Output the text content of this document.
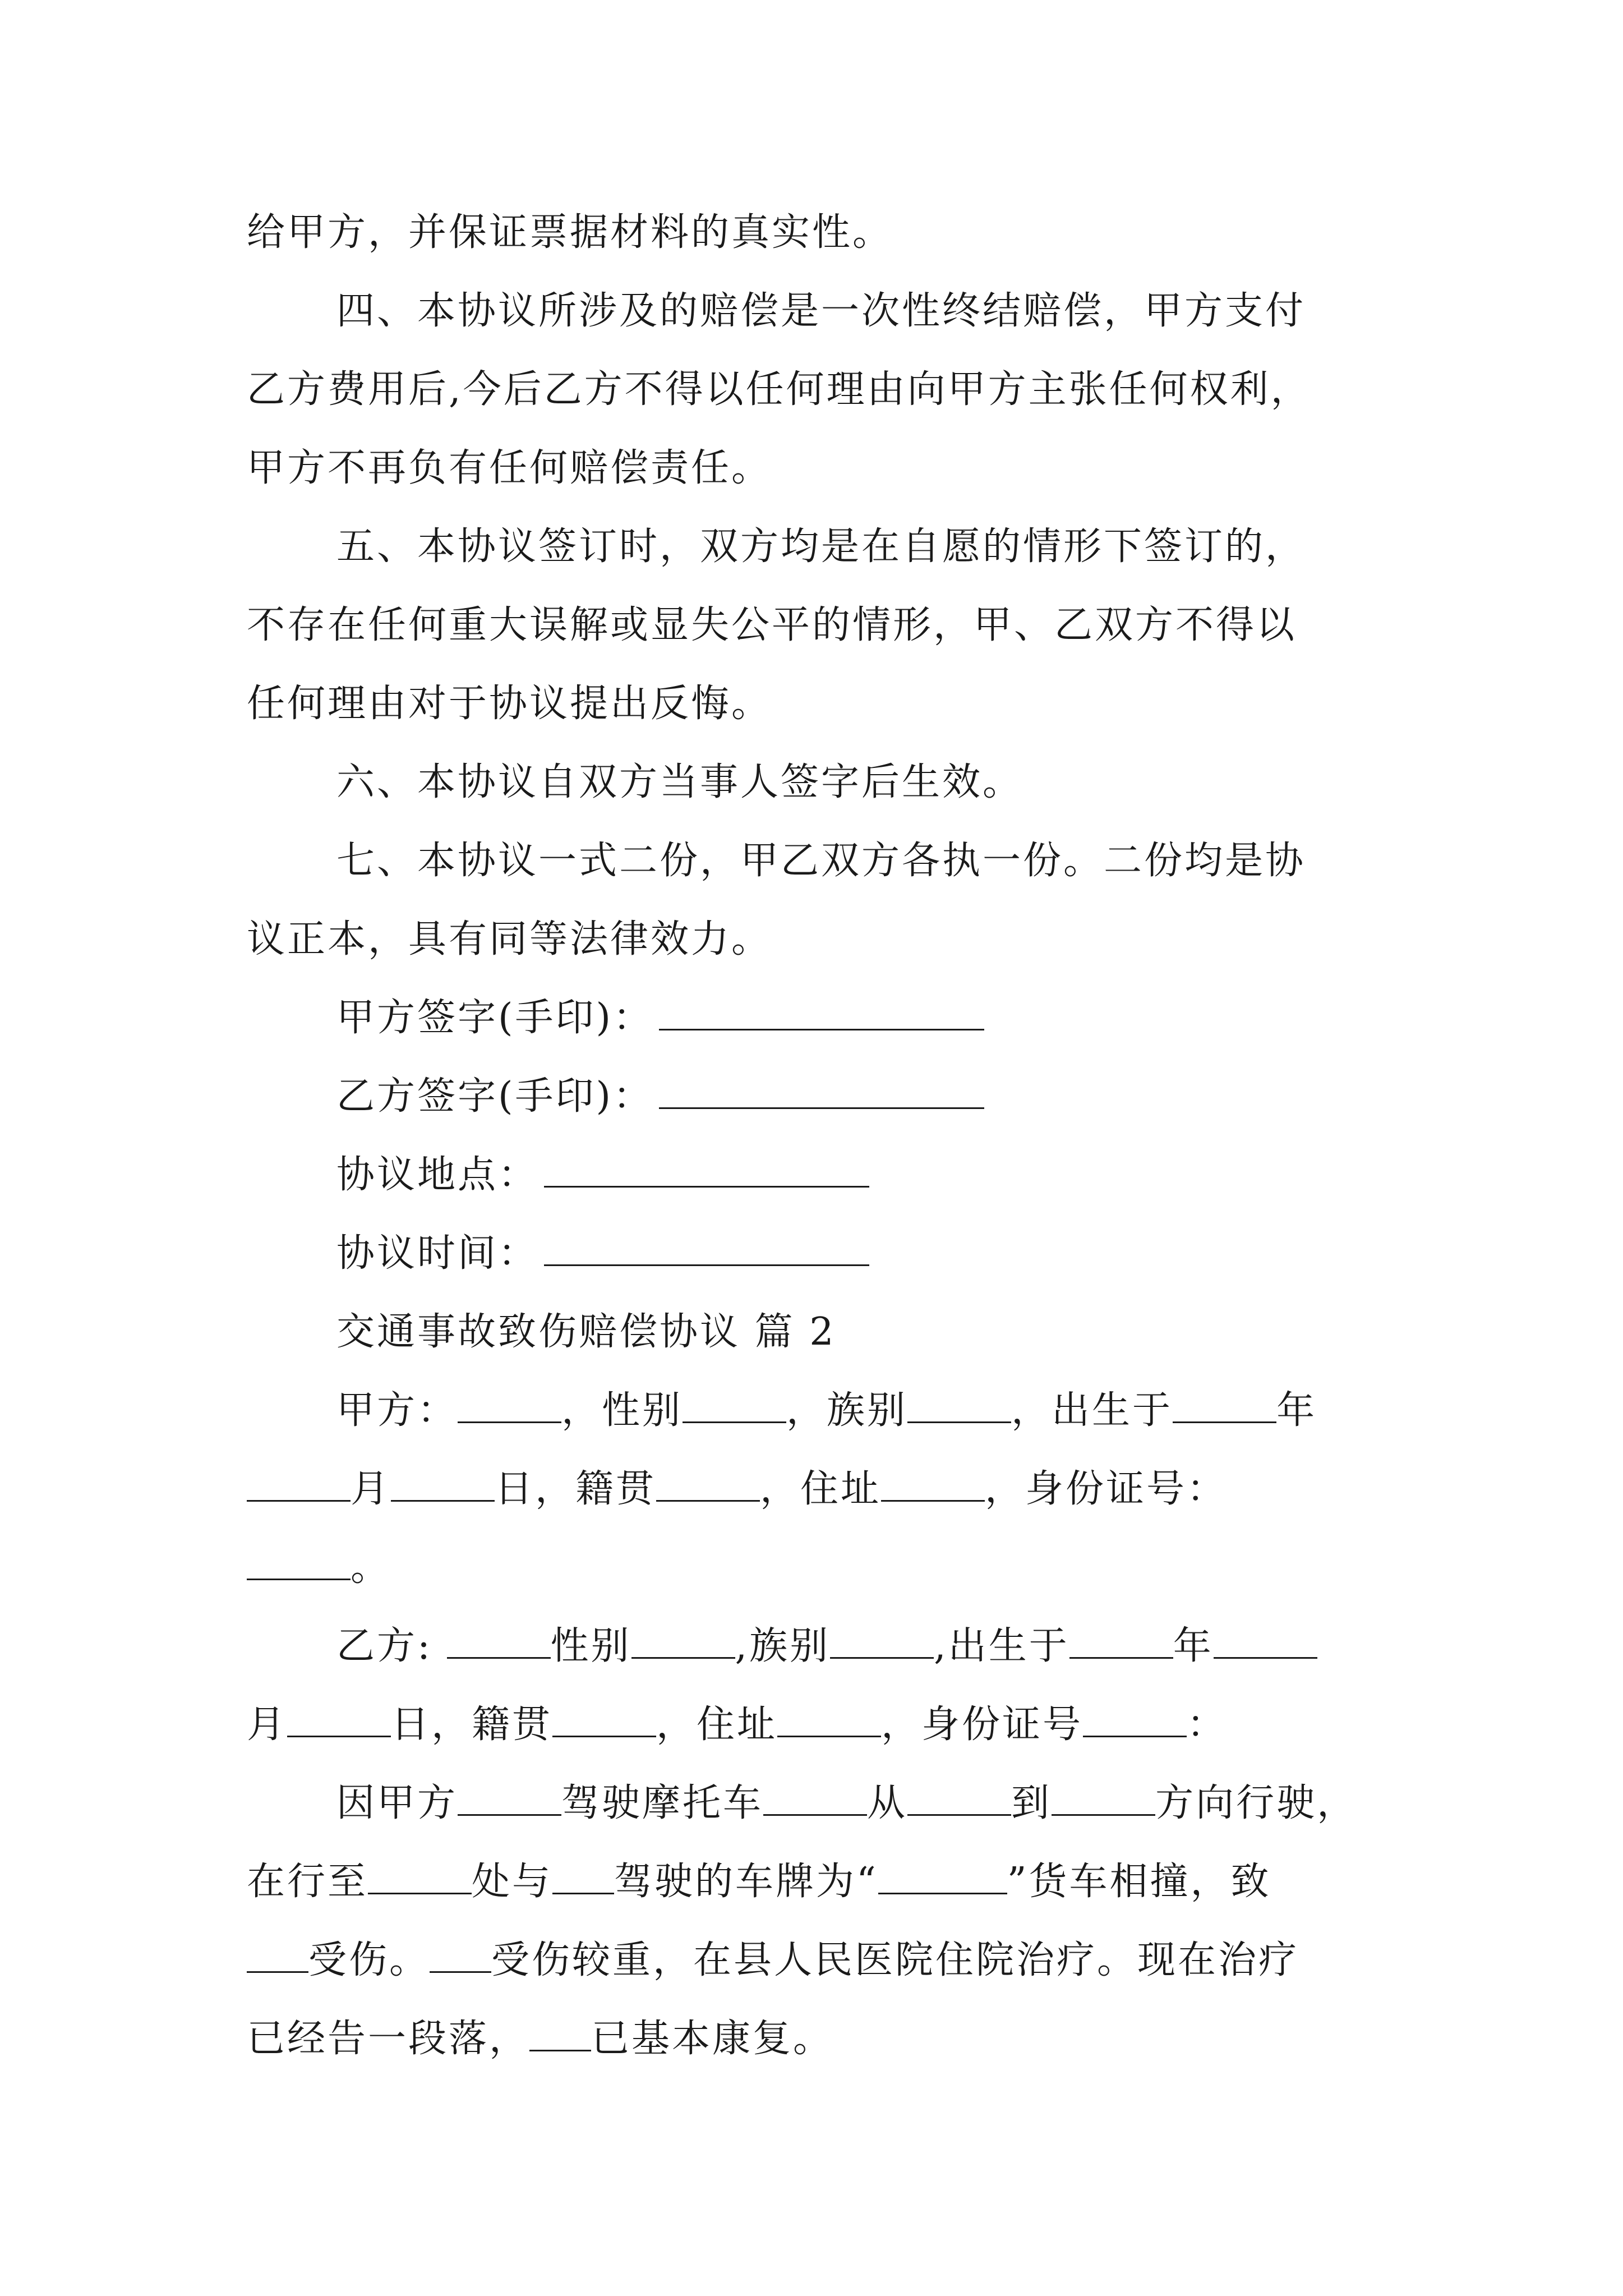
给甲方，并保证票据材料的真实性。
四、本协议所涉及的赔偿是一次性终结赔偿，甲方支付
乙方费用后,今后乙方不得以任何理由向甲方主张任何权利，
甲方不再负有任何赔偿责任。
五、本协议签订时，双方均是在自愿的情形下签订的，
不存在任何重大误解或显失公平的情形，甲、乙双方不得以
任何理由对于协议提出反悔。
六、本协议自双方当事人签字后生效。
七、本协议一式二份，甲乙双方各执一份。二份均是协
议正本，具有同等法律效力。
甲方签字(手印)：
乙方签字(手印)：
协议地点：
协议时间：
交通事故致伤赔偿协议 篇 2
甲方：	，性别	，族别	，出生于	年
月	日，籍贯	，住址	，身份证号：
。
乙方:	性别	,族别	,出生于	年
月	日，籍贯	，住址	，身份证号	：
因甲方	驾驶摩托车	从	到	方向行驶，
在行至	处与 驾驶的车牌为“	”货车相撞，致
受伤。 受伤较重，在县人民医院住院治疗。现在治疗
已经告一段落， 已基本康复。
